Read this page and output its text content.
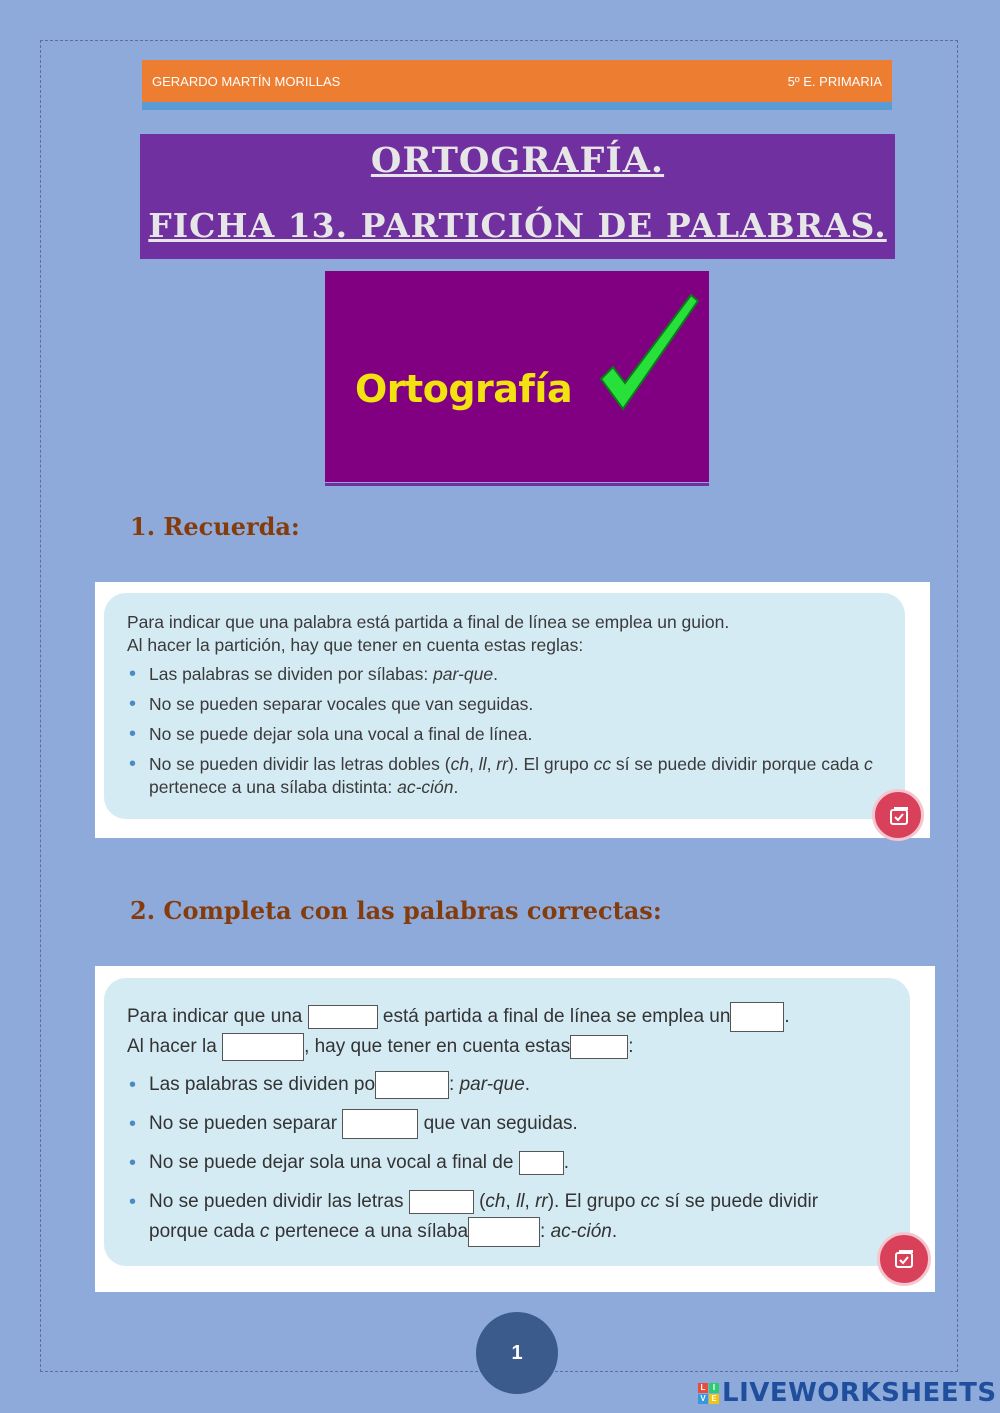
GERARDO MARTÍN MORILLAS	5º E. PRIMARIA
ORTOGRAFÍA.
FICHA 13. PARTICIÓN DE PALABRAS.
Ortografía
1. Recuerda:

Para indicar que una palabra está partida a final de línea se emplea un guion.

Al hacer la partición, hay que tener en cuenta estas reglas:

• Las palabras se dividen por sílabas: par-que.
• No se pueden separar vocales que van seguidas.
• No se puede dejar sola una vocal a final de línea.
• No se pueden dividir las letras dobles (ch, ll, rr). El grupo cc sí se puede dividir porque cada c pertenece a una sílaba distinta: ac-ción.
2. Completa con las palabras correctas:

Para indicar que una	está partida a final de línea se emplea un	.

Al hacer la	, hay que tener en cuenta estas	:

• Las palabras se dividen po	: par-que.
• No se pueden separar	que van seguidas.
• No se puede dejar sola una vocal a final de	.
• No se pueden dividir las letras	(ch, ll, rr). El grupo cc sí se puede dividir
porque cada c pertenece a una sílaba	: ac-ción.
1
L I
V E LIVEWORKSHEETS
